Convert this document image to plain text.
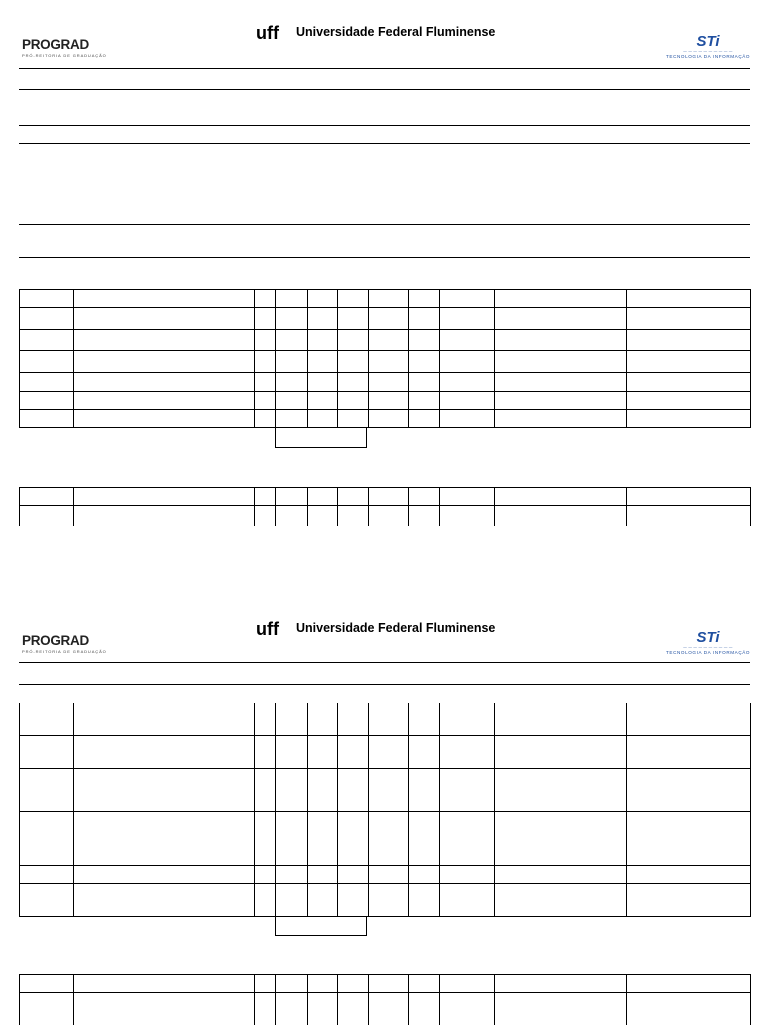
PROGRAD
PRÓ-REITORIA DE GRADUAÇÃO
uff Universidade Federal Fluminense
STi
— — — — — — — — — —
TECNOLOGIA DA INFORMAÇÃO

PROGRAD
PRÓ-REITORIA DE GRADUAÇÃO
uff Universidade Federal Fluminense
STi
— — — — — — — — — —
TECNOLOGIA DA INFORMAÇÃO
